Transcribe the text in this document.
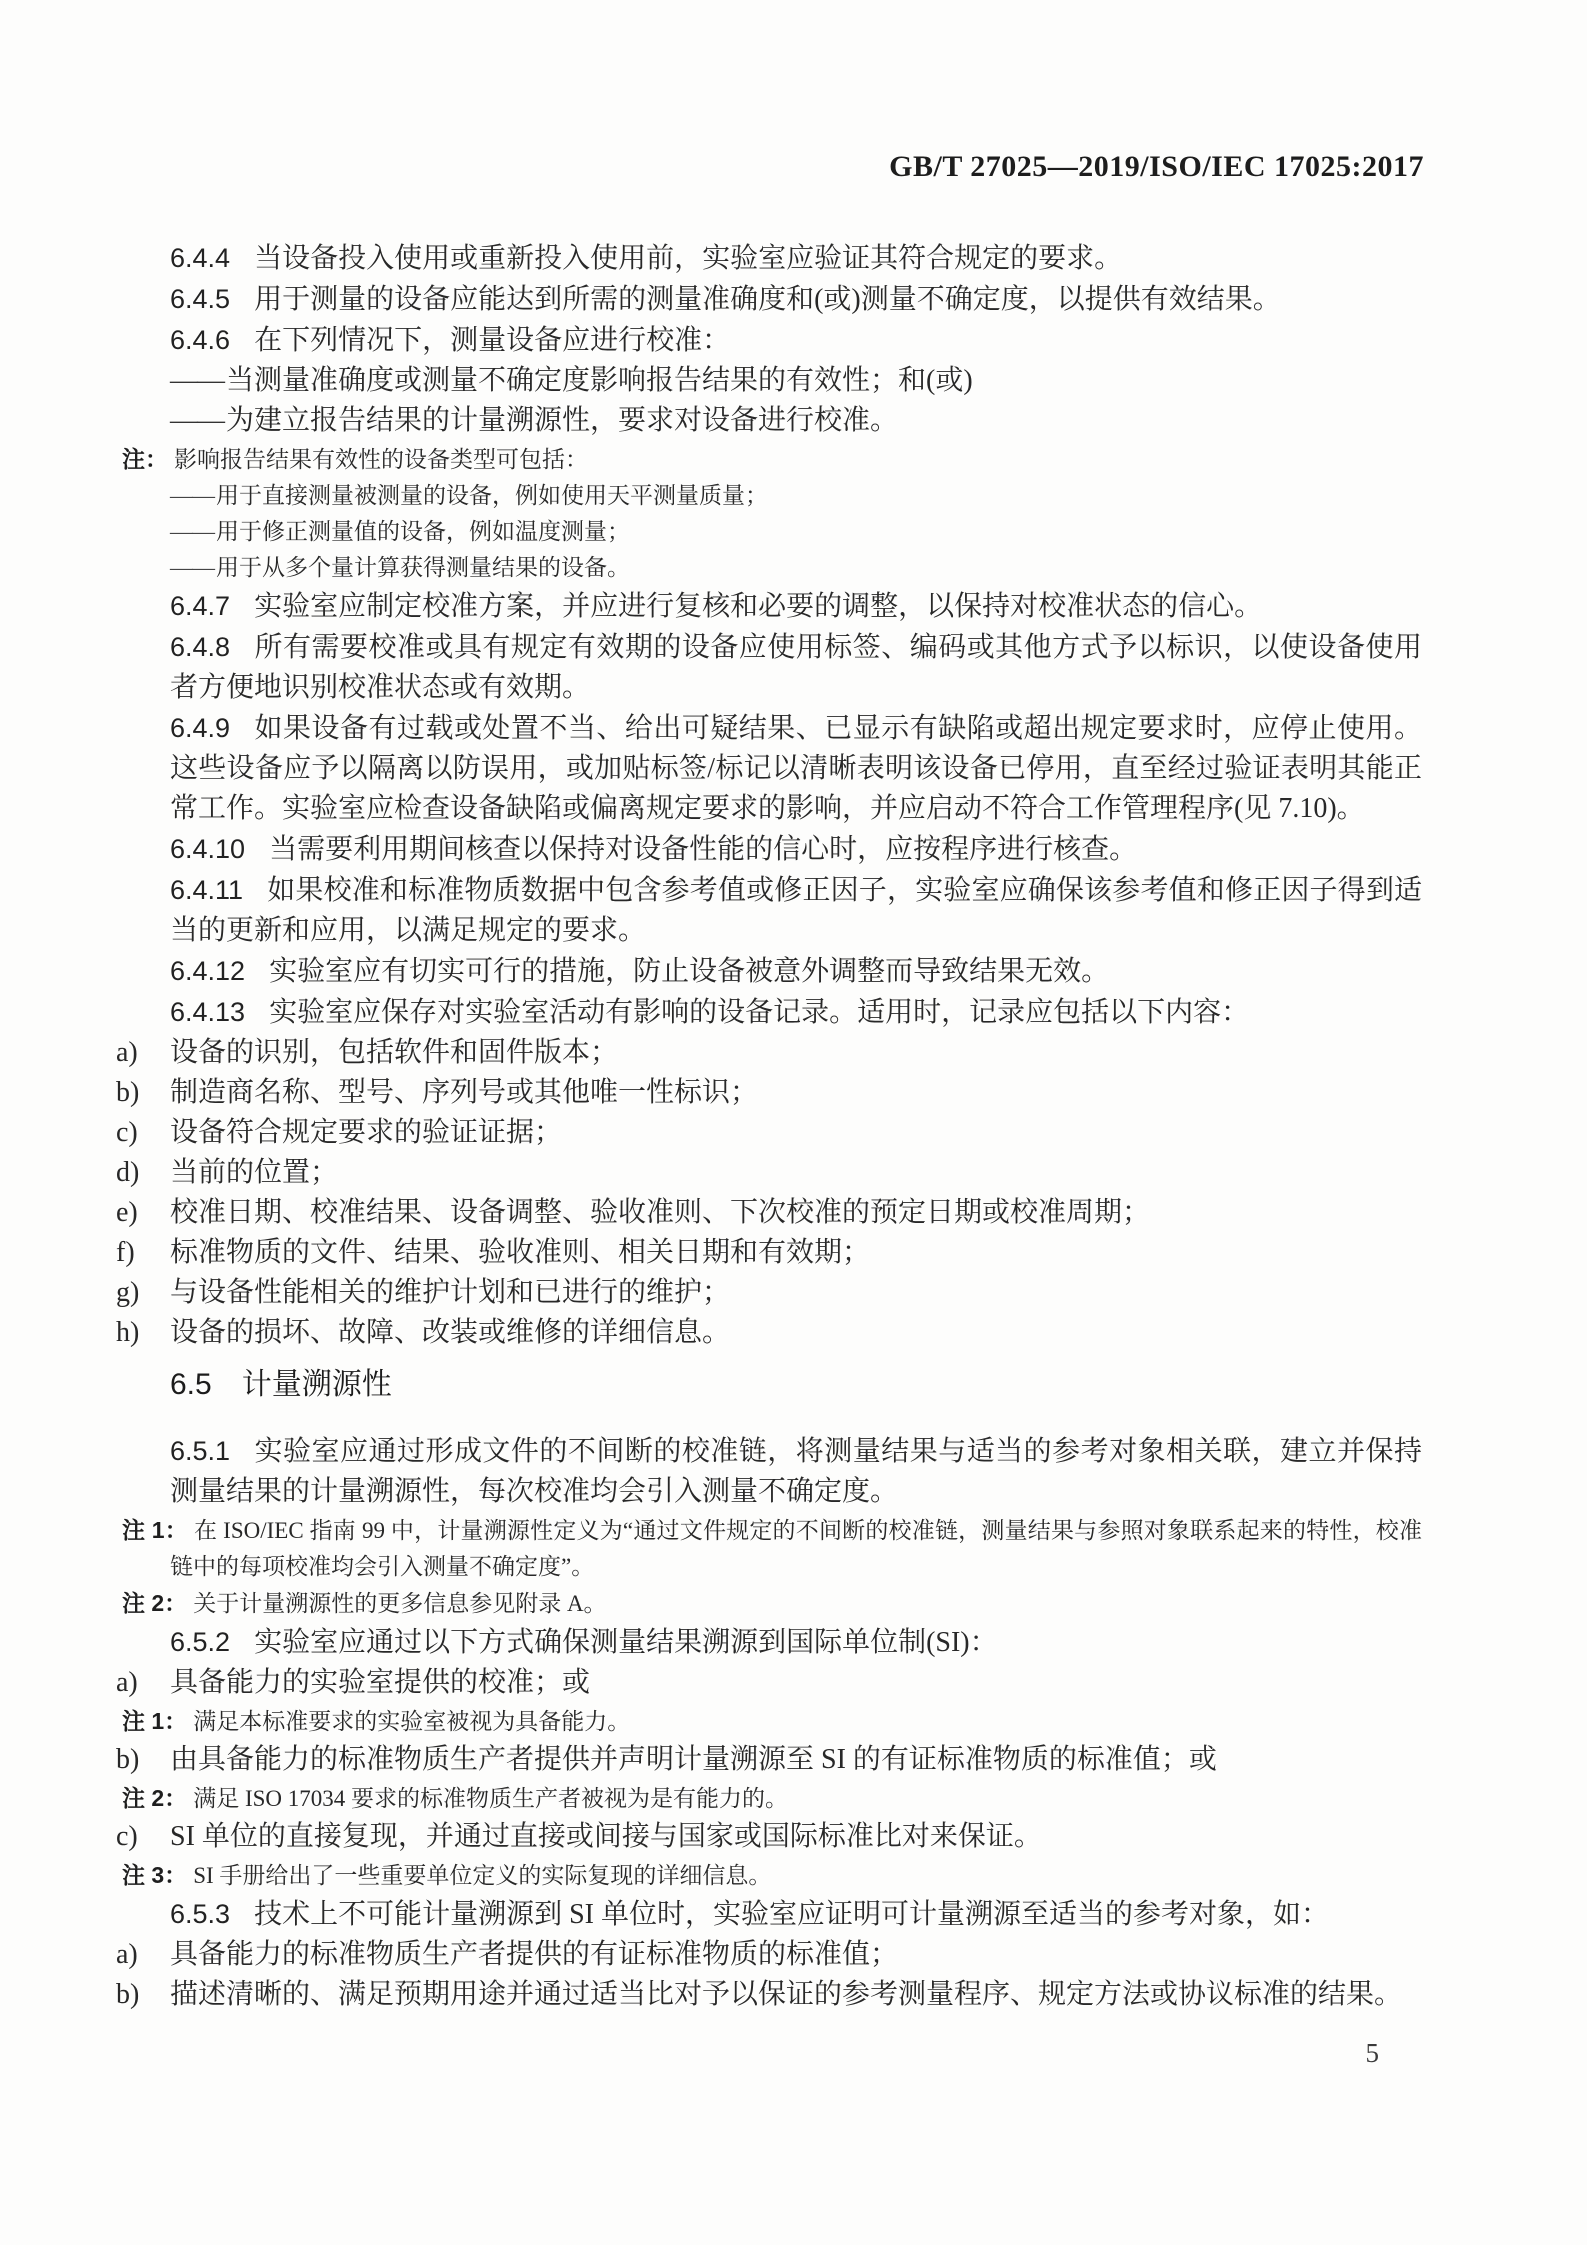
GB/T 27025—2019/ISO/IEC 17025:2017

6.4.4 当设备投入使用或重新投入使用前，实验室应验证其符合规定的要求。

6.4.5 用于测量的设备应能达到所需的测量准确度和(或)测量不确定度，以提供有效结果。

6.4.6 在下列情况下，测量设备应进行校准：

——当测量准确度或测量不确定度影响报告结果的有效性；和(或)

——为建立报告结果的计量溯源性，要求对设备进行校准。

注： 影响报告结果有效性的设备类型可包括：

——用于直接测量被测量的设备，例如使用天平测量质量；

——用于修正测量值的设备，例如温度测量；

——用于从多个量计算获得测量结果的设备。

6.4.7 实验室应制定校准方案，并应进行复核和必要的调整，以保持对校准状态的信心。

6.4.8 所有需要校准或具有规定有效期的设备应使用标签、编码或其他方式予以标识，以使设备使用者方便地识别校准状态或有效期。

6.4.9 如果设备有过载或处置不当、给出可疑结果、已显示有缺陷或超出规定要求时，应停止使用。这些设备应予以隔离以防误用，或加贴标签/标记以清晰表明该设备已停用，直至经过验证表明其能正常工作。实验室应检查设备缺陷或偏离规定要求的影响，并应启动不符合工作管理程序(见 7.10)。

6.4.10 当需要利用期间核查以保持对设备性能的信心时，应按程序进行核查。

6.4.11 如果校准和标准物质数据中包含参考值或修正因子，实验室应确保该参考值和修正因子得到适当的更新和应用，以满足规定的要求。

6.4.12 实验室应有切实可行的措施，防止设备被意外调整而导致结果无效。

6.4.13 实验室应保存对实验室活动有影响的设备记录。适用时，记录应包括以下内容：

a) 设备的识别，包括软件和固件版本；

b) 制造商名称、型号、序列号或其他唯一性标识；

c) 设备符合规定要求的验证证据；

d) 当前的位置；

e) 校准日期、校准结果、设备调整、验收准则、下次校准的预定日期或校准周期；

f) 标准物质的文件、结果、验收准则、相关日期和有效期；

g) 与设备性能相关的维护计划和已进行的维护；

h) 设备的损坏、故障、改装或维修的详细信息。

6.5 计量溯源性

6.5.1 实验室应通过形成文件的不间断的校准链，将测量结果与适当的参考对象相关联，建立并保持测量结果的计量溯源性，每次校准均会引入测量不确定度。

注 1： 在 ISO/IEC 指南 99 中，计量溯源性定义为“通过文件规定的不间断的校准链，测量结果与参照对象联系起来的特性，校准链中的每项校准均会引入测量不确定度”。

注 2： 关于计量溯源性的更多信息参见附录 A。

6.5.2 实验室应通过以下方式确保测量结果溯源到国际单位制(SI)：

a) 具备能力的实验室提供的校准；或

注 1： 满足本标准要求的实验室被视为具备能力。

b) 由具备能力的标准物质生产者提供并声明计量溯源至 SI 的有证标准物质的标准值；或

注 2： 满足 ISO 17034 要求的标准物质生产者被视为是有能力的。

c) SI 单位的直接复现，并通过直接或间接与国家或国际标准比对来保证。

注 3： SI 手册给出了一些重要单位定义的实际复现的详细信息。

6.5.3 技术上不可能计量溯源到 SI 单位时，实验室应证明可计量溯源至适当的参考对象，如：

a) 具备能力的标准物质生产者提供的有证标准物质的标准值；

b) 描述清晰的、满足预期用途并通过适当比对予以保证的参考测量程序、规定方法或协议标准的结果。

5
